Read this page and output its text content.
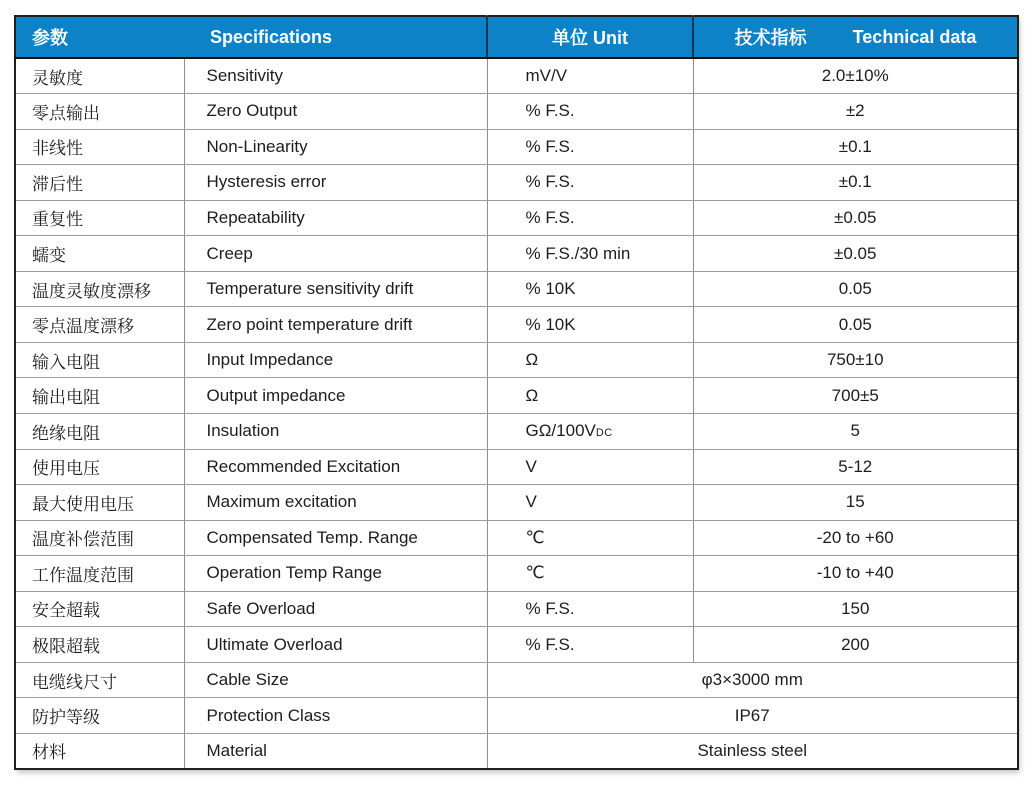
参数	Specifications	单位 Unit	技术指标 Technical data

灵敏度	Sensitivity	mV/V	2.0±10%
零点输出	Zero Output	% F.S.	±2
非线性	Non-Linearity	% F.S.	±0.1
滞后性	Hysteresis error	% F.S.	±0.1
重复性	Repeatability	% F.S.	±0.05
蠕变	Creep	% F.S./30 min	±0.05
温度灵敏度漂移	Temperature sensitivity drift	% 10K	0.05
零点温度漂移	Zero point temperature drift	% 10K	0.05
输入电阻	Input Impedance	Ω	750±10
输出电阻	Output impedance	Ω	700±5
绝缘电阻	Insulation	GΩ/100VDC	5
使用电压	Recommended Excitation	V	5-12
最大使用电压	Maximum excitation	V	15
温度补偿范围	Compensated Temp. Range	℃	-20 to +60
工作温度范围	Operation Temp Range	℃	-10 to +40
安全超载	Safe Overload	% F.S.	150
极限超载	Ultimate Overload	% F.S.	200
电缆线尺寸	Cable Size	φ3×3000 mm	
防护等级	Protection Class	IP67	
材料	Material	Stainless steel	
